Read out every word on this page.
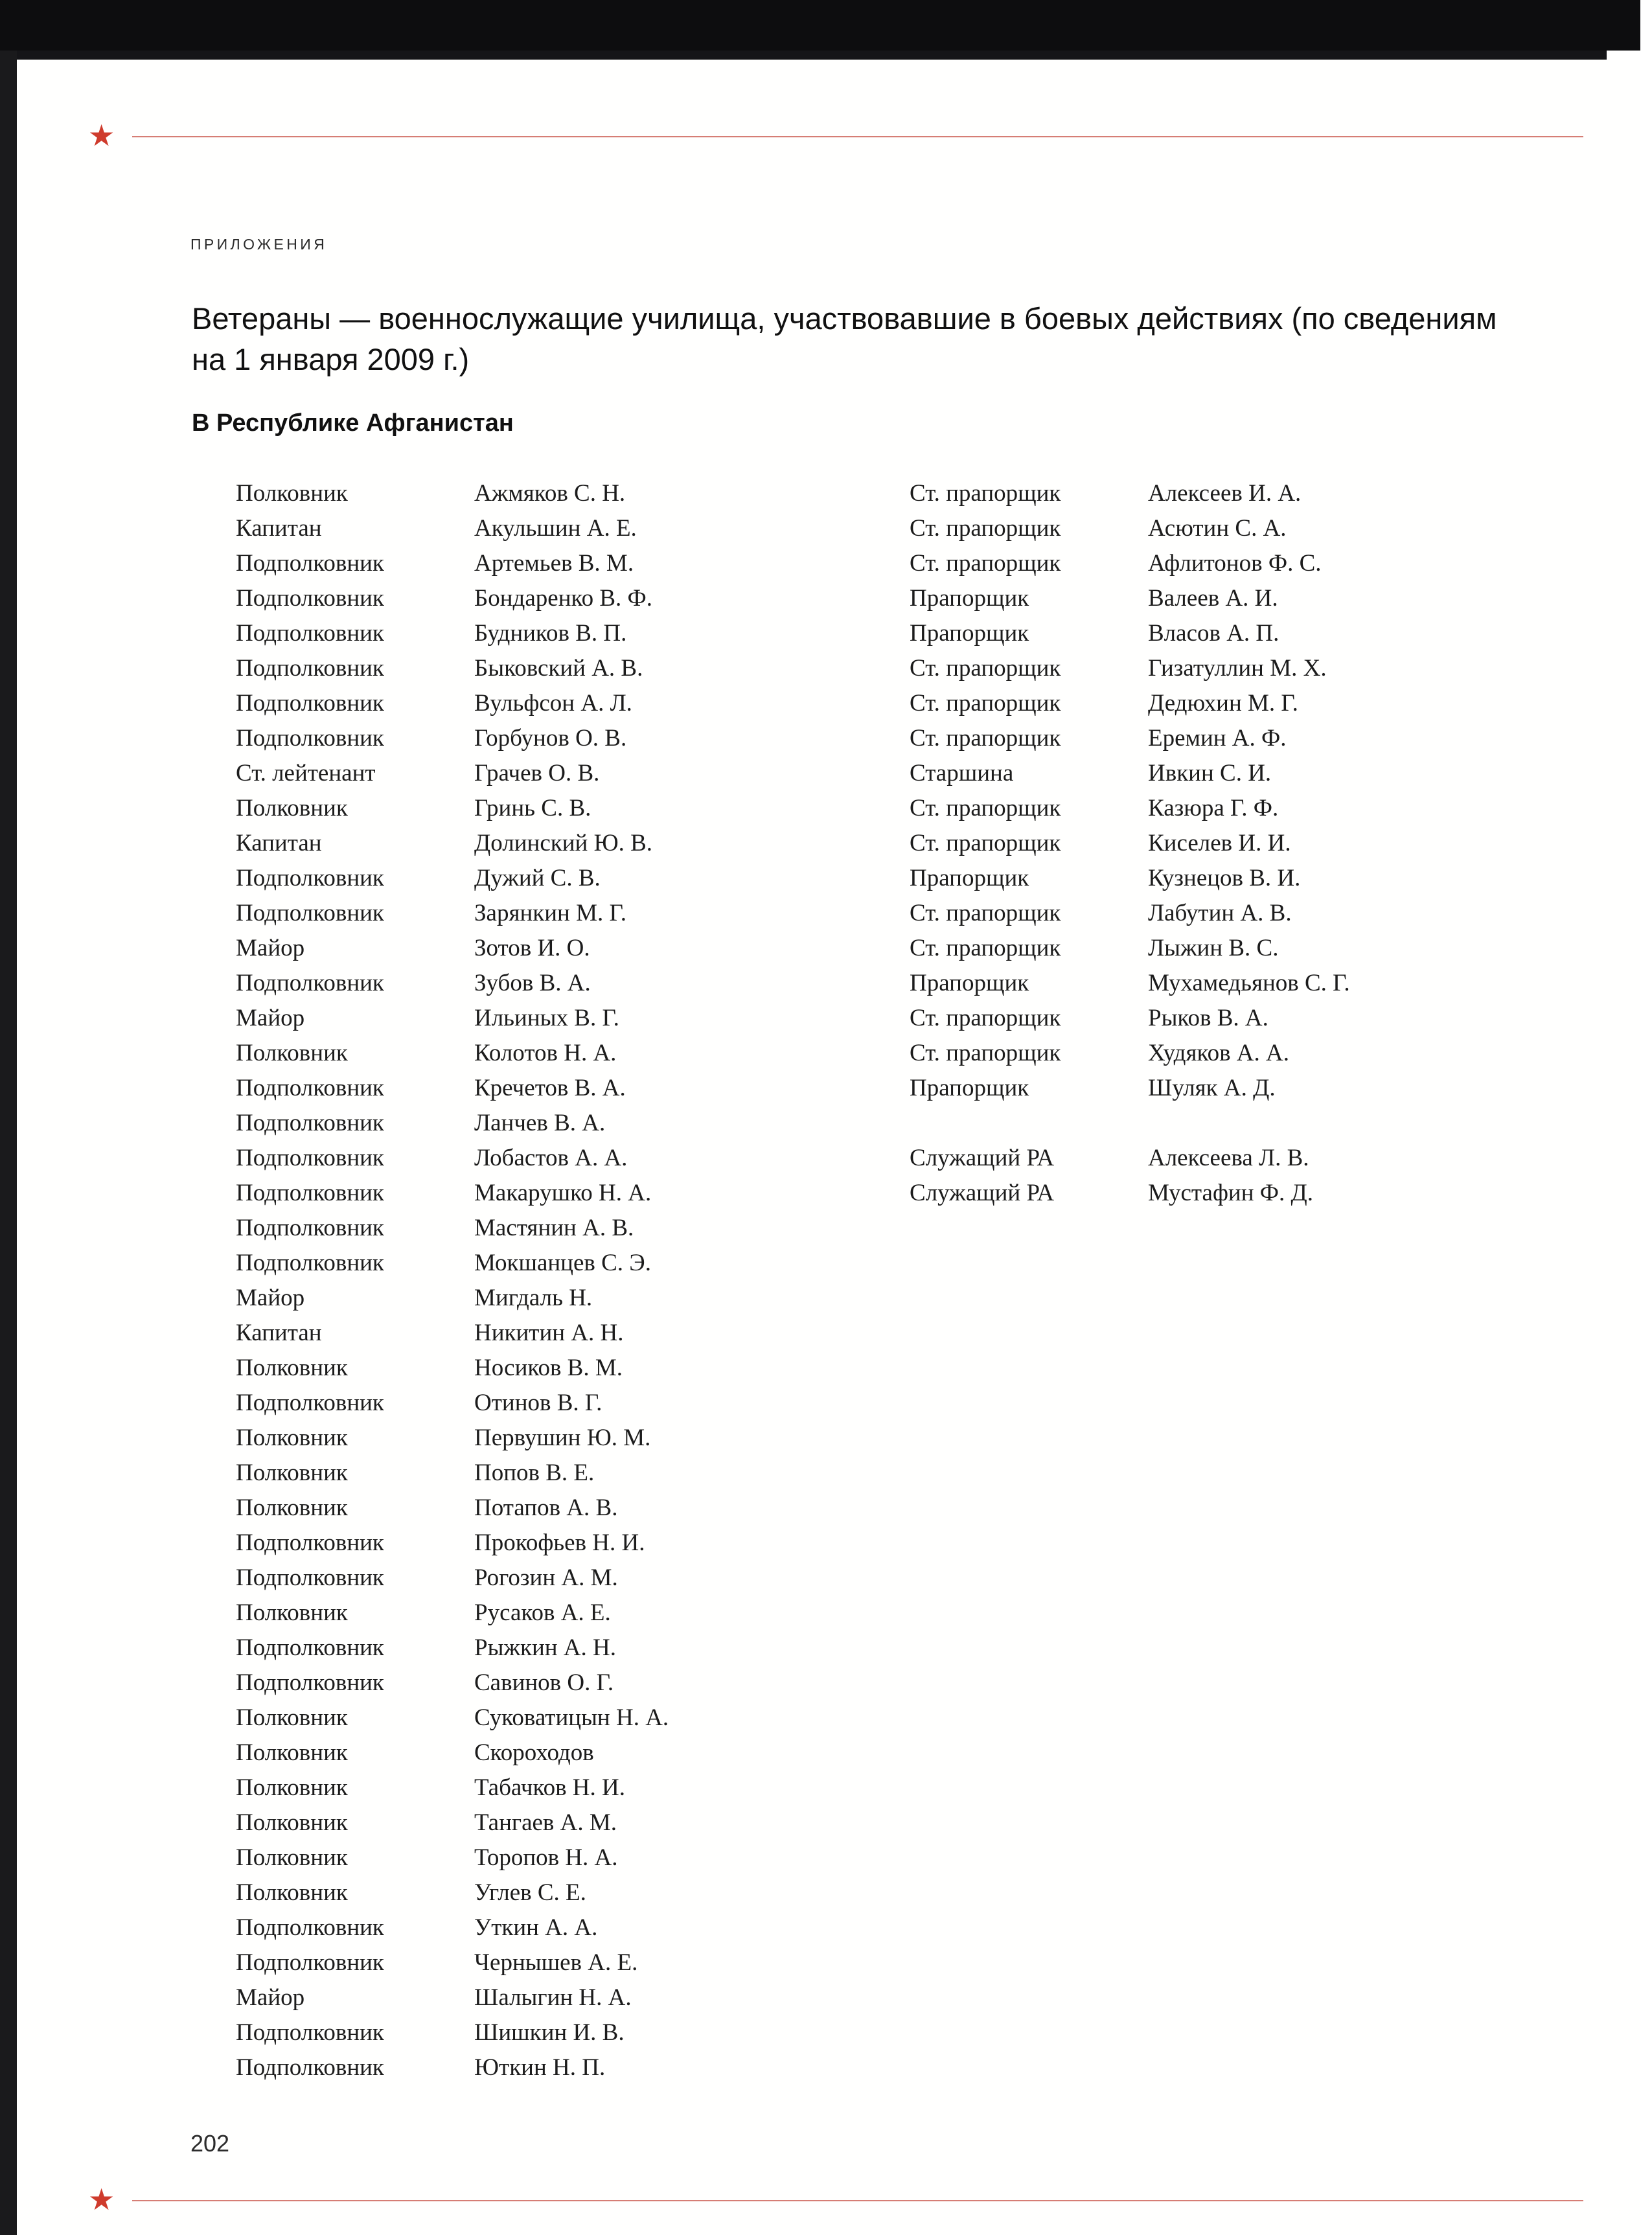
★
ПРИЛОЖЕНИЯ
Ветераны — военнослужащие училища, участвовавшие в боевых действиях (по сведениям на 1 января 2009 г.)
В Республике Афганистан
Полковник	Ажмяков С. Н.
Капитан	Акульшин А. Е.
Подполковник	Артемьев В. М.
Подполковник	Бондаренко В. Ф.
Подполковник	Будников В. П.
Подполковник	Быковский А. В.
Подполковник	Вульфсон А. Л.
Подполковник	Горбунов О. В.
Ст. лейтенант	Грачев О. В.
Полковник	Гринь С. В.
Капитан	Долинский Ю. В.
Подполковник	Дужий С. В.
Подполковник	Зарянкин М. Г.
Майор	Зотов И. О.
Подполковник	Зубов В. А.
Майор	Ильиных В. Г.
Полковник	Колотов Н. А.
Подполковник	Кречетов В. А.
Подполковник	Ланчев В. А.
Подполковник	Лобастов А. А.
Подполковник	Макарушко Н. А.
Подполковник	Мастянин А. В.
Подполковник	Мокшанцев С. Э.
Майор	Мигдаль Н.
Капитан	Никитин А. Н.
Полковник	Носиков В. М.
Подполковник	Отинов В. Г.
Полковник	Первушин Ю. М.
Полковник	Попов В. Е.
Полковник	Потапов А. В.
Подполковник	Прокофьев Н. И.
Подполковник	Рогозин А. М.
Полковник	Русаков А. Е.
Подполковник	Рыжкин А. Н.
Подполковник	Савинов О. Г.
Полковник	Суковатицын Н. А.
Полковник	Скороходов
Полковник	Табачков Н. И.
Полковник	Тангаев А. М.
Полковник	Торопов Н. А.
Полковник	Углев С. Е.
Подполковник	Уткин А. А.
Подполковник	Чернышев А. Е.
Майор	Шалыгин Н. А.
Подполковник	Шишкин И. В.
Подполковник	Юткин Н. П.
Ст. прапорщик	Алексеев И. А.
Ст. прапорщик	Асютин С. А.
Ст. прапорщик	Афлитонов Ф. С.
Прапорщик	Валеев А. И.
Прапорщик	Власов А. П.
Ст. прапорщик	Гизатуллин М. Х.
Ст. прапорщик	Дедюхин М. Г.
Ст. прапорщик	Еремин А. Ф.
Старшина	Ивкин С. И.
Ст. прапорщик	Казюра Г. Ф.
Ст. прапорщик	Киселев И. И.
Прапорщик	Кузнецов В. И.
Ст. прапорщик	Лабутин А. В.
Ст. прапорщик	Лыжин В. С.
Прапорщик	Мухамедьянов С. Г.
Ст. прапорщик	Рыков В. А.
Ст. прапорщик	Худяков А. А.
Прапорщик	Шуляк А. Д.
Служащий РА	Алексеева Л. В.
Служащий РА	Мустафин Ф. Д.
202
★
